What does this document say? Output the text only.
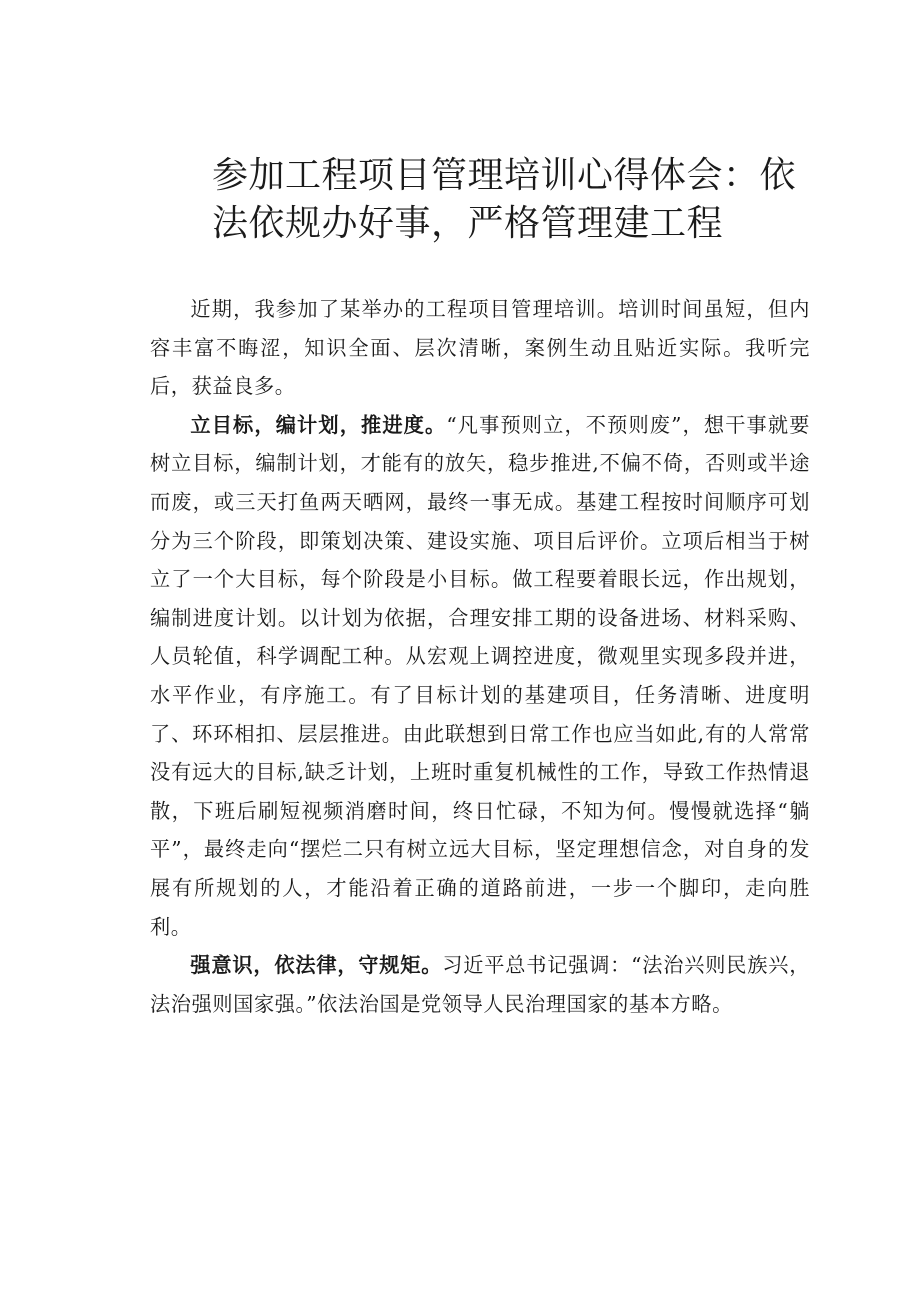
参加工程项目管理培训心得体会：依法依规办好事，严格管理建工程

近期，我参加了某举办的工程项目管理培训。培训时间虽短，但内容丰富不晦涩，知识全面、层次清晰，案例生动且贴近实际。我听完后，获益良多。

立目标，编计划，推进度。“凡事预则立，不预则废”，想干事就要树立目标，编制计划，才能有的放矢，稳步推进,不偏不倚，否则或半途而废，或三天打鱼两天晒网，最终一事无成。基建工程按时间顺序可划分为三个阶段，即策划决策、建设实施、项目后评价。立项后相当于树立了一个大目标，每个阶段是小目标。做工程要着眼长远，作出规划，编制进度计划。以计划为依据，合理安排工期的设备进场、材料采购、人员轮值，科学调配工种。从宏观上调控进度，微观里实现多段并进，水平作业，有序施工。有了目标计划的基建项目，任务清晰、进度明了、环环相扣、层层推进。由此联想到日常工作也应当如此,有的人常常没有远大的目标,缺乏计划，上班时重复机械性的工作，导致工作热情退散，下班后刷短视频消磨时间，终日忙碌，不知为何。慢慢就选择“躺平”，最终走向“摆烂二只有树立远大目标，坚定理想信念，对自身的发展有所规划的人，才能沿着正确的道路前进，一步一个脚印，走向胜利。

强意识，依法律，守规矩。习近平总书记强调：“法治兴则民族兴，法治强则国家强。”依法治国是党领导人民治理国家的基本方略。
